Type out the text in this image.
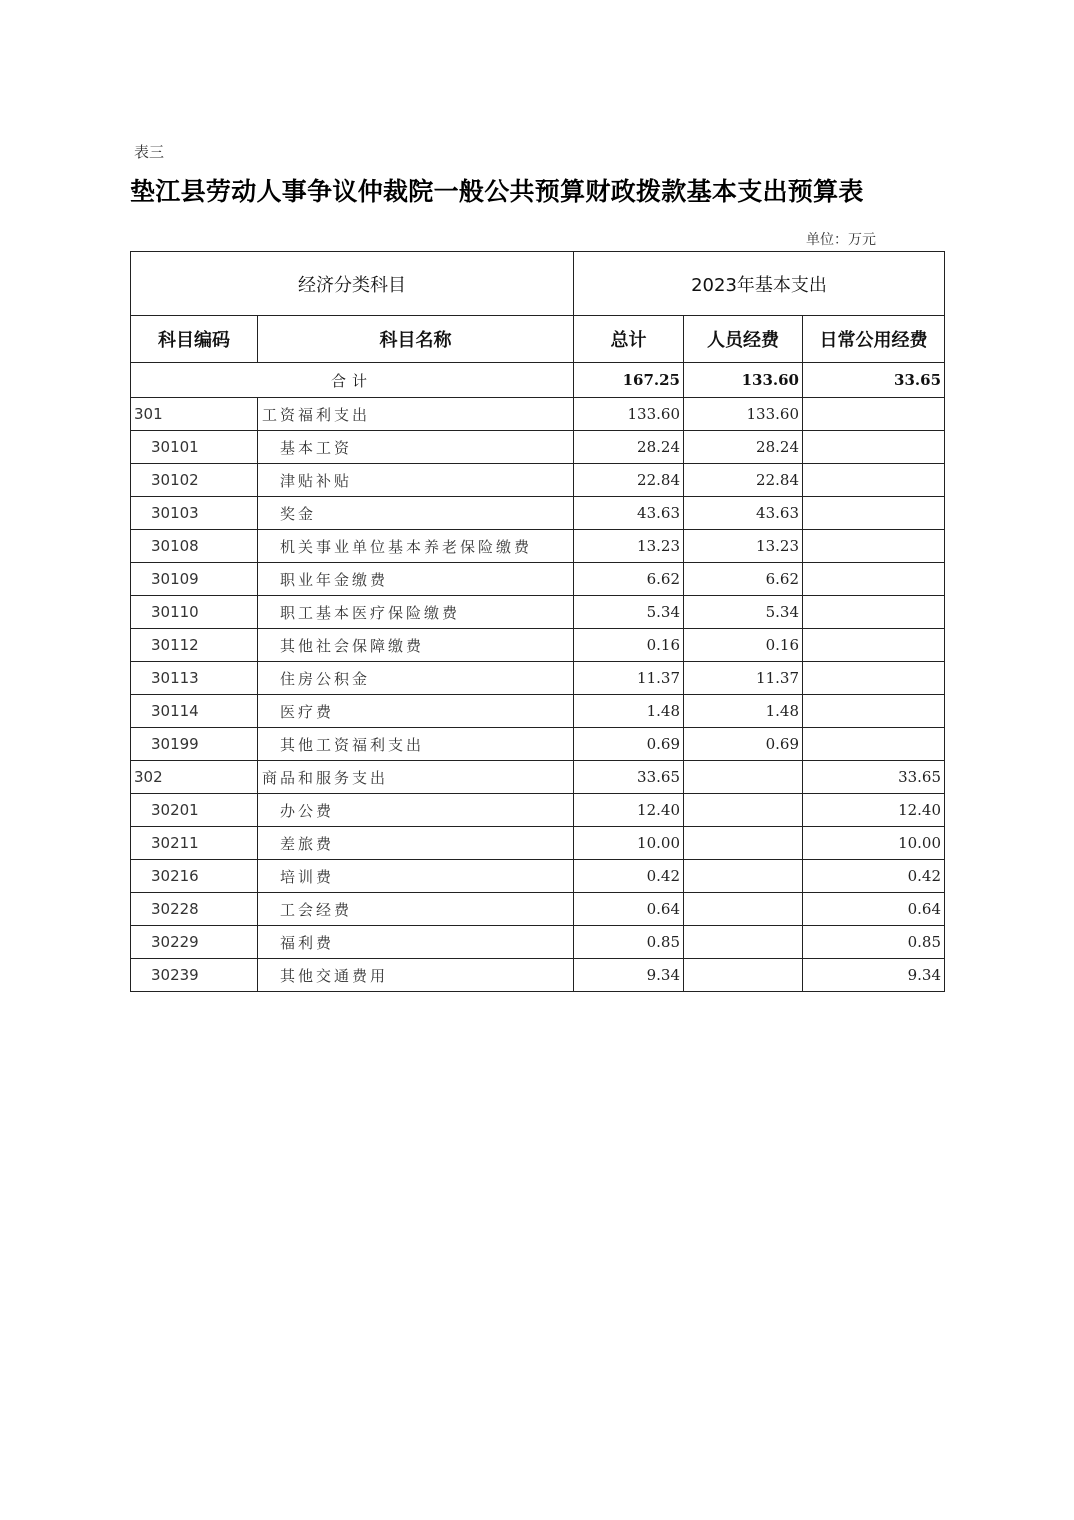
表三
垫江县劳动人事争议仲裁院一般公共预算财政拨款基本支出预算表
单位：万元
经济分类科目		2023年基本支出		
科目编码	科目名称	总计	人员经费	日常公用经费
合计		167.25	133.60	33.65
301	工资福利支出	133.60	133.60	
30101	基本工资	28.24	28.24	
30102	津贴补贴	22.84	22.84	
30103	奖金	43.63	43.63	
30108	机关事业单位基本养老保险缴费	13.23	13.23	
30109	职业年金缴费	6.62	6.62	
30110	职工基本医疗保险缴费	5.34	5.34	
30112	其他社会保障缴费	0.16	0.16	
30113	住房公积金	11.37	11.37	
30114	医疗费	1.48	1.48	
30199	其他工资福利支出	0.69	0.69	
302	商品和服务支出	33.65		33.65
30201	办公费	12.40		12.40
30211	差旅费	10.00		10.00
30216	培训费	0.42		0.42
30228	工会经费	0.64		0.64
30229	福利费	0.85		0.85
30239	其他交通费用	9.34		9.34
